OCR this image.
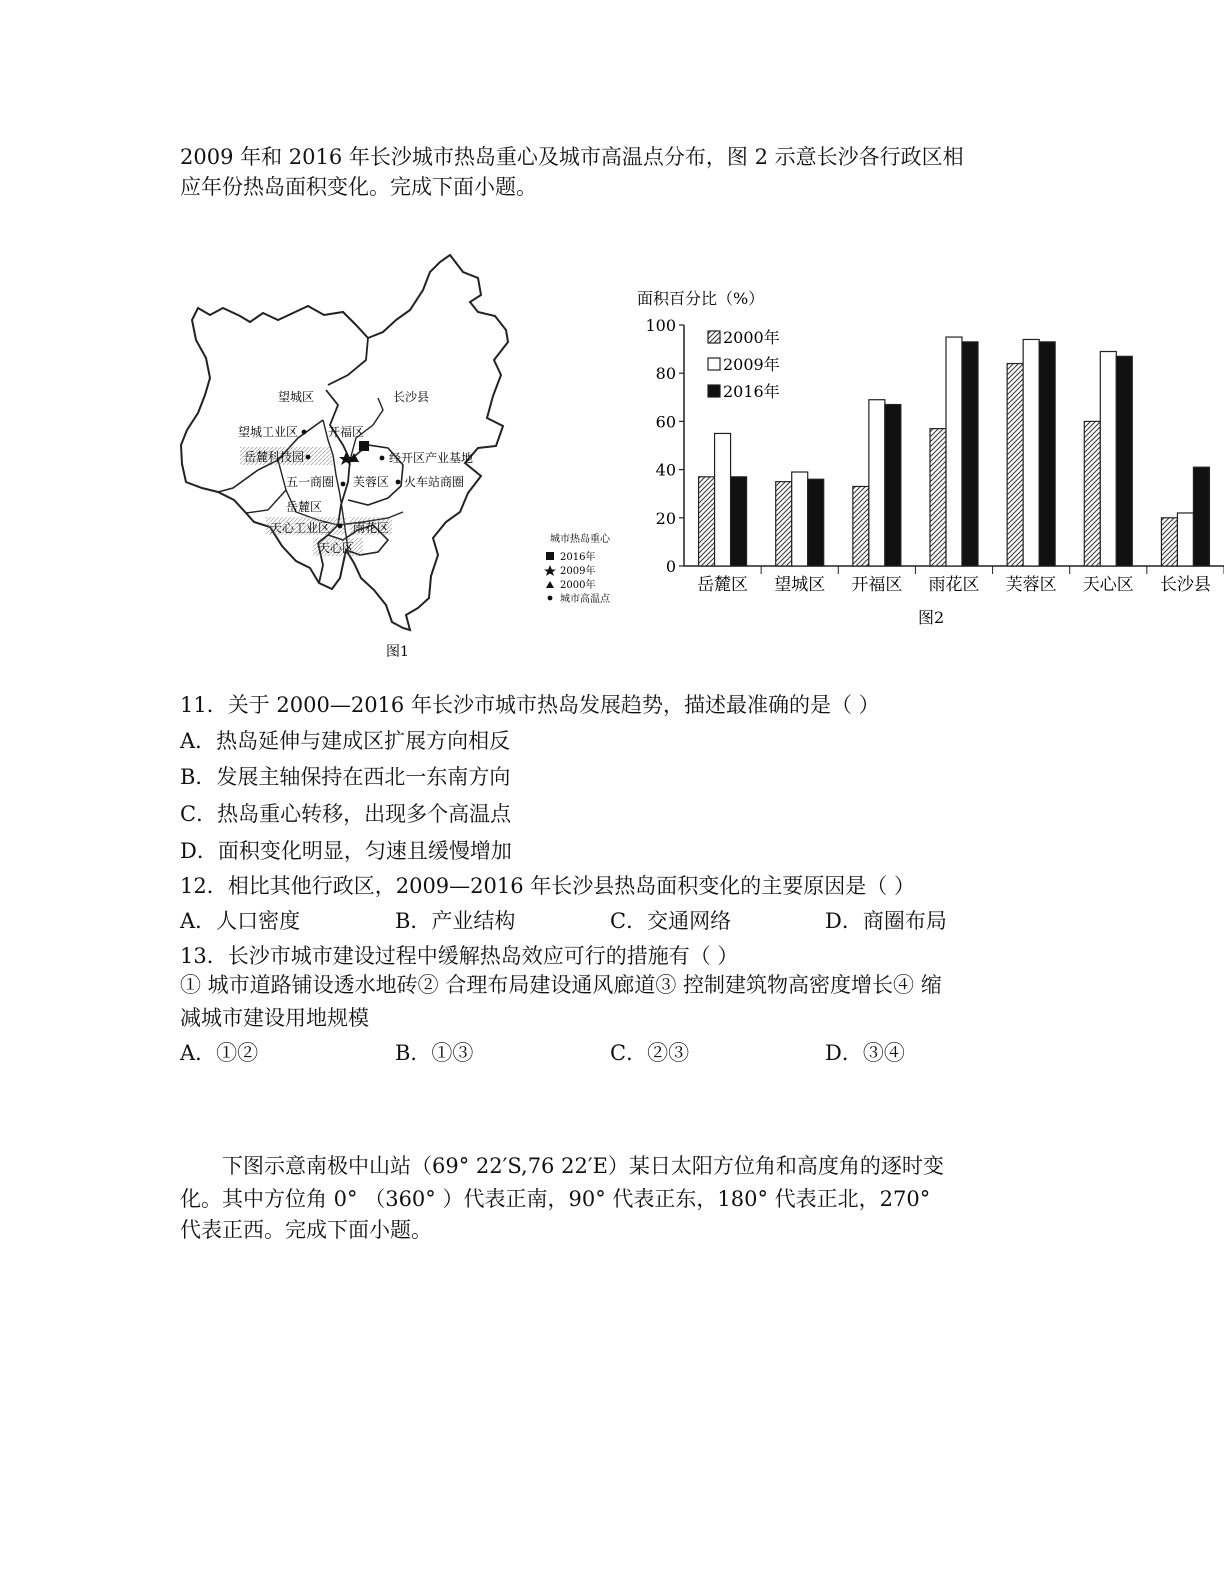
2009 年和 2016 年长沙城市热岛重心及城市高温点分布，图 2 示意长沙各行政区相
应年份热岛面积变化。完成下面小题。
望城区	长沙县
望城工业区 开福区
岳麓科技园	经开区产业基地
五一商圈 芙蓉区 火车站商圈
岳麓区
天心工业区 雨花区
天心区
城市热岛重心
2016年
2009年
2000年
城市高温点
图1
面积百分比（%）
0
20
40
60
80
100
2000年
2009年
2016年
岳麓区 望城区 开福区 雨花区 芙蓉区 天心区 长沙县
图2
11．关于 2000—2016 年长沙市城市热岛发展趋势，描述最准确的是（ ）
A．热岛延伸与建成区扩展方向相反
B．发展主轴保持在西北一东南方向
C．热岛重心转移，出现多个高温点
D．面积变化明显，匀速且缓慢增加
12．相比其他行政区，2009—2016 年长沙县热岛面积变化的主要原因是（ ）
A．人口密度	B．产业结构	C．交通网络	D．商圈布局
13．长沙市城市建设过程中缓解热岛效应可行的措施有（ ）
① 城市道路铺设透水地砖② 合理布局建设通风廊道③ 控制建筑物高密度增长④ 缩
减城市建设用地规模
A．①②	B．①③	C．②③	D．③④
下图示意南极中山站（69° 22′S,76 22′E）某日太阳方位角和高度角的逐时变
化。其中方位角 0° （360° ）代表正南，90° 代表正东，180° 代表正北，270°
代表正西。完成下面小题。
